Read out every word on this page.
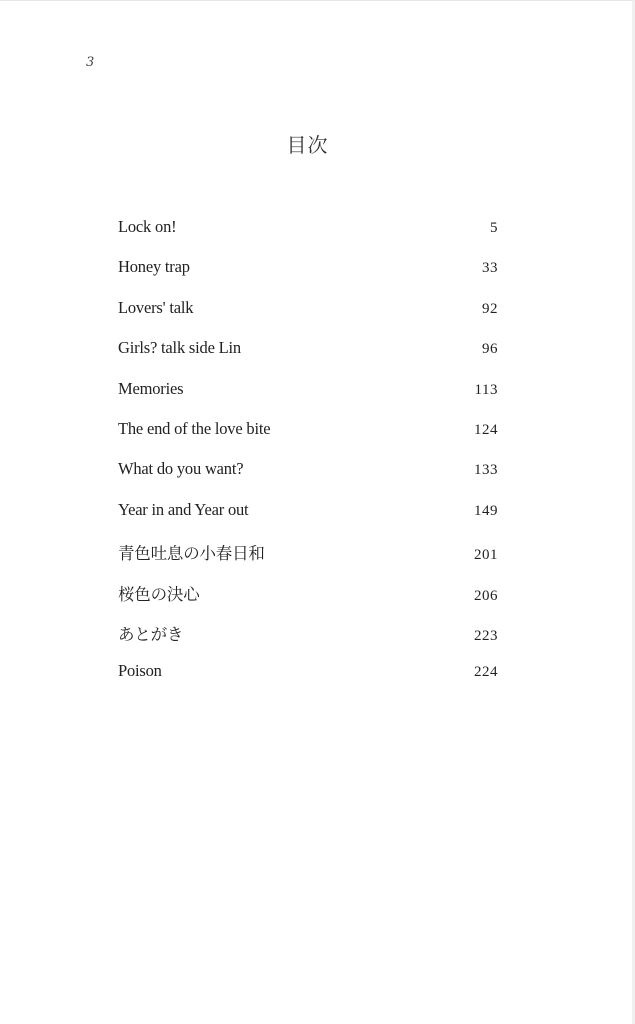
3
目次
Lock on!	5
Honey trap	33
Lovers' talk	92
Girls? talk side Lin	96
Memories	113
The end of the love bite	124
What do you want?	133
Year in and Year out	149
青色吐息の小春日和	201
桜色の決心	206
あとがき	223
Poison	224
